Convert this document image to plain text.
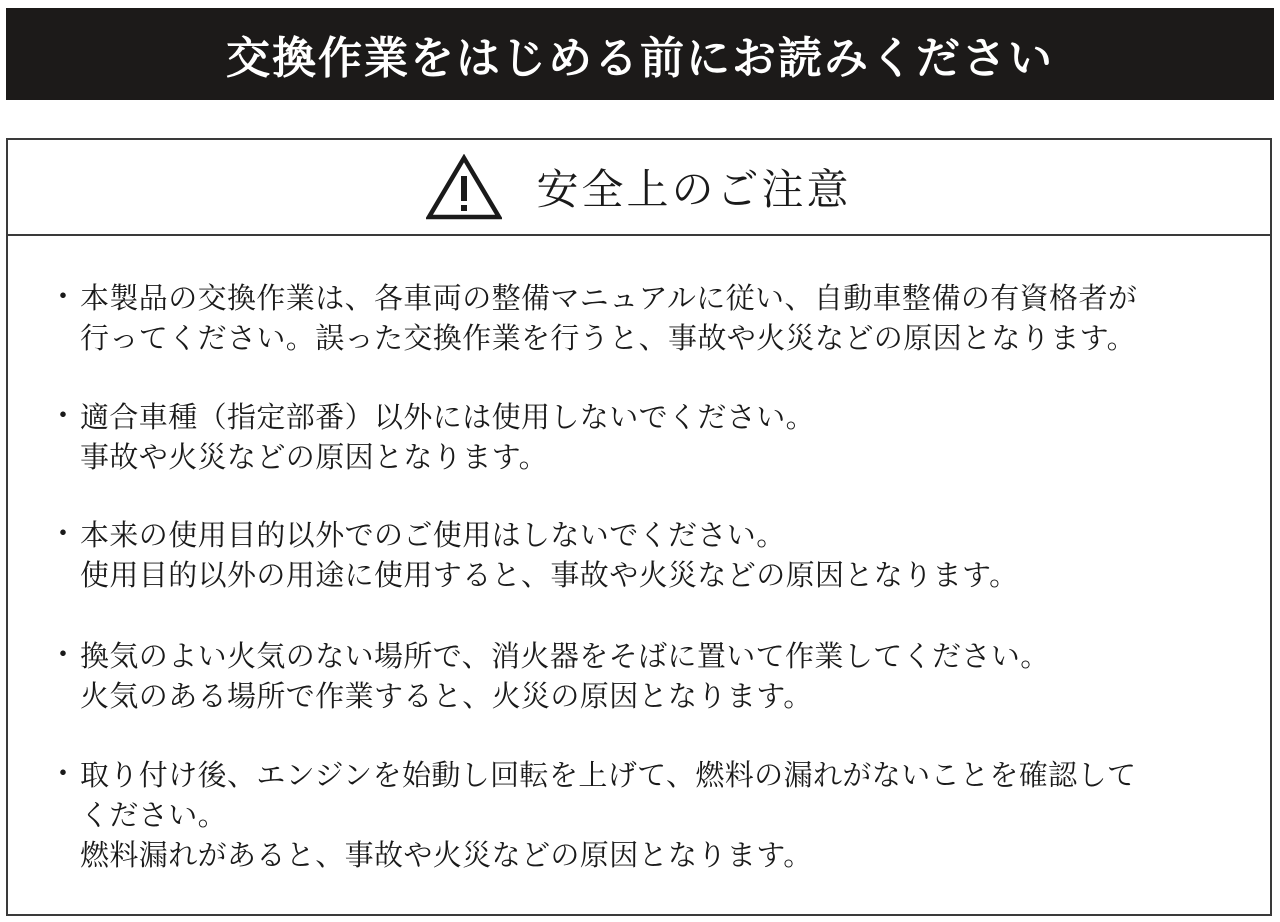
交換作業をはじめる前にお読みください
安全上のご注意
・ 本製品の交換作業は、各車両の整備マニュアルに従い、自動車整備の有資格者が
行ってください。誤った交換作業を行うと、事故や火災などの原因となります。
・ 適合車種（指定部番）以外には使用しないでください。
事故や火災などの原因となります。
・ 本来の使用目的以外でのご使用はしないでください。
使用目的以外の用途に使用すると、事故や火災などの原因となります。
・ 換気のよい火気のない場所で、消火器をそばに置いて作業してください。
火気のある場所で作業すると、火災の原因となります。
・ 取り付け後、エンジンを始動し回転を上げて、燃料の漏れがないことを確認して
ください。
燃料漏れがあると、事故や火災などの原因となります。
